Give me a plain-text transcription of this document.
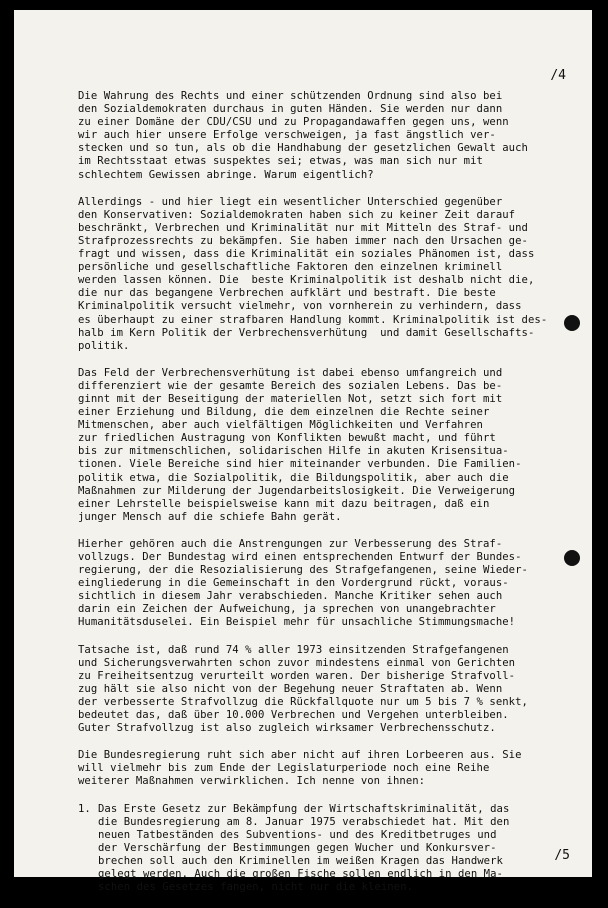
/4
Die Wahrung des Rechts und einer schützenden Ordnung sind also bei
den Sozialdemokraten durchaus in guten Händen. Sie werden nur dann
zu einer Domäne der CDU/CSU und zu Propagandawaffen gegen uns, wenn
wir auch hier unsere Erfolge verschweigen, ja fast ängstlich ver-
stecken und so tun, als ob die Handhabung der gesetzlichen Gewalt auch
im Rechtsstaat etwas suspektes sei; etwas, was man sich nur mit
schlechtem Gewissen abringe. Warum eigentlich?
Allerdings - und hier liegt ein wesentlicher Unterschied gegenüber
den Konservativen: Sozialdemokraten haben sich zu keiner Zeit darauf
beschränkt, Verbrechen und Kriminalität nur mit Mitteln des Straf- und
Strafprozessrechts zu bekämpfen. Sie haben immer nach den Ursachen ge-
fragt und wissen, dass die Kriminalität ein soziales Phänomen ist, dass
persönliche und gesellschaftliche Faktoren den einzelnen kriminell
werden lassen können. Die  beste Kriminalpolitik ist deshalb nicht die,
die nur das begangene Verbrechen aufklärt und bestraft. Die beste
Kriminalpolitik versucht vielmehr, von vornherein zu verhindern, dass
es überhaupt zu einer strafbaren Handlung kommt. Kriminalpolitik ist des-
halb im Kern Politik der Verbrechensverhütung  und damit Gesellschafts-
politik.
Das Feld der Verbrechensverhütung ist dabei ebenso umfangreich und
differenziert wie der gesamte Bereich des sozialen Lebens. Das be-
ginnt mit der Beseitigung der materiellen Not, setzt sich fort mit
einer Erziehung und Bildung, die dem einzelnen die Rechte seiner
Mitmenschen, aber auch vielfältigen Möglichkeiten und Verfahren
zur friedlichen Austragung von Konflikten bewußt macht, und führt
bis zur mitmenschlichen, solidarischen Hilfe in akuten Krisensitua-
tionen. Viele Bereiche sind hier miteinander verbunden. Die Familien-
politik etwa, die Sozialpolitik, die Bildungspolitik, aber auch die
Maßnahmen zur Milderung der Jugendarbeitslosigkeit. Die Verweigerung
einer Lehrstelle beispielsweise kann mit dazu beitragen, daß ein
junger Mensch auf die schiefe Bahn gerät.
Hierher gehören auch die Anstrengungen zur Verbesserung des Straf-
vollzugs. Der Bundestag wird einen entsprechenden Entwurf der Bundes-
regierung, der die Resozialisierung des Strafgefangenen, seine Wieder-
eingliederung in die Gemeinschaft in den Vordergrund rückt, voraus-
sichtlich in diesem Jahr verabschieden. Manche Kritiker sehen auch
darin ein Zeichen der Aufweichung, ja sprechen von unangebrachter
Humanitätsduselei. Ein Beispiel mehr für unsachliche Stimmungsmache!
Tatsache ist, daß rund 74 % aller 1973 einsitzenden Strafgefangenen
und Sicherungsverwahrten schon zuvor mindestens einmal von Gerichten
zu Freiheitsentzug verurteilt worden waren. Der bisherige Strafvoll-
zug hält sie also nicht von der Begehung neuer Straftaten ab. Wenn
der verbesserte Strafvollzug die Rückfallquote nur um 5 bis 7 % senkt,
bedeutet das, daß über 10.000 Verbrechen und Vergehen unterbleiben.
Guter Strafvollzug ist also zugleich wirksamer Verbrechensschutz.
Die Bundesregierung ruht sich aber nicht auf ihren Lorbeeren aus. Sie
will vielmehr bis zum Ende der Legislaturperiode noch eine Reihe
weiterer Maßnahmen verwirklichen. Ich nenne von ihnen:
1. Das Erste Gesetz zur Bekämpfung der Wirtschaftskriminalität, das
die Bundesregierung am 8. Januar 1975 verabschiedet hat. Mit den
neuen Tatbeständen des Subventions- und des Kreditbetruges und
der Verschärfung der Bestimmungen gegen Wucher und Konkursver-
brechen soll auch den Kriminellen im weißen Kragen das Handwerk
gelegt werden. Auch die großen Fische sollen endlich in den Ma-
schen des Gesetzes fangen, nicht nur die kleinen.
/5
